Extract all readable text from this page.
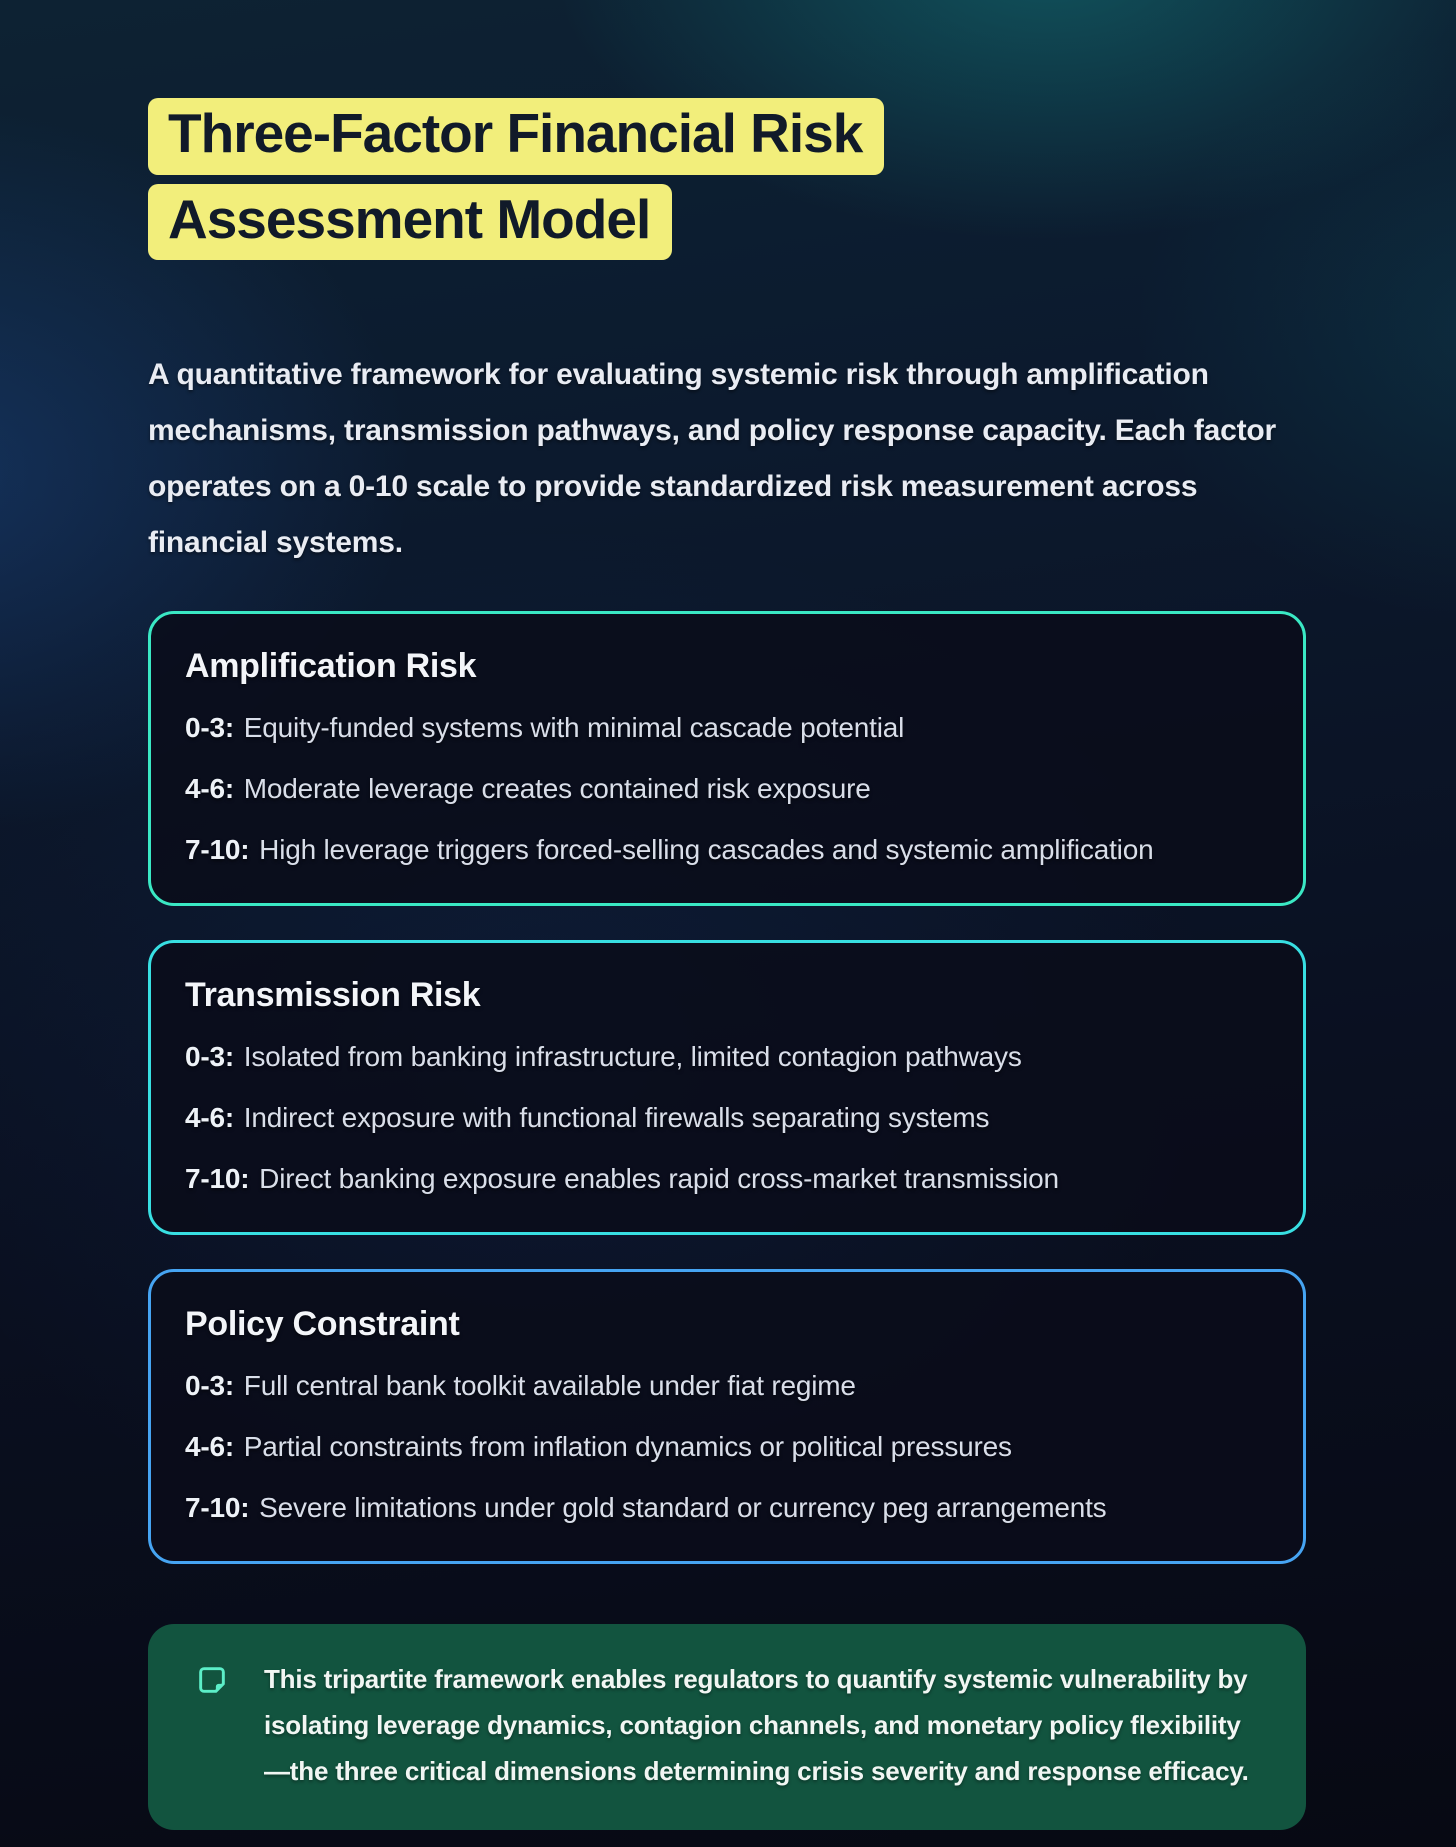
Three-Factor Financial Risk
Assessment Model

A quantitative framework for evaluating systemic risk through amplification mechanisms, transmission pathways, and policy response capacity. Each factor operates on a 0-10 scale to provide standardized risk measurement across financial systems.

Amplification Risk
0-3: Equity-funded systems with minimal cascade potential
4-6: Moderate leverage creates contained risk exposure
7-10: High leverage triggers forced-selling cascades and systemic amplification
Transmission Risk
0-3: Isolated from banking infrastructure, limited contagion pathways
4-6: Indirect exposure with functional firewalls separating systems
7-10: Direct banking exposure enables rapid cross-market transmission
Policy Constraint
0-3: Full central bank toolkit available under fiat regime
4-6: Partial constraints from inflation dynamics or political pressures
7-10: Severe limitations under gold standard or currency peg arrangements

This tripartite framework enables regulators to quantify systemic vulnerability by isolating leverage dynamics, contagion channels, and monetary policy flexibility—the three critical dimensions determining crisis severity and response efficacy.
